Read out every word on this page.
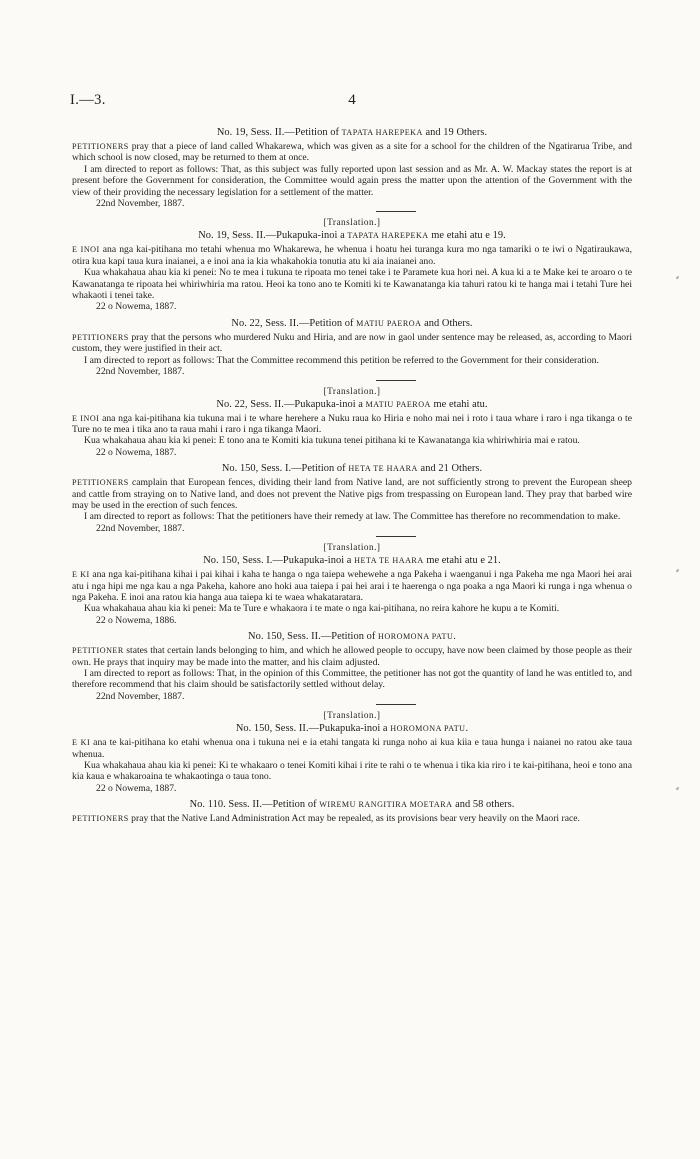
I.—3.	4
No. 19, Sess. II.—Petition of TAPATA HAREPEKA and 19 Others.

PETITIONERS pray that a piece of land called Whakarewa, which was given as a site for a school for the children of the Ngatirarua Tribe, and which school is now closed, may be returned to them at once.

I am directed to report as follows: That, as this subject was fully reported upon last session and as Mr. A. W. Mackay states the report is at present before the Government for consideration, the Committee would again press the matter upon the attention of the Government with the view of their providing the necessary legislation for a settlement of the matter.

22nd November, 1887.
[Translation.]
No. 19, Sess. II.—Pukapuka-inoi a TAPATA HAREPEKA me etahi atu e 19.

E INOI ana nga kai-pitihana mo tetahi whenua mo Whakarewa, he whenua i hoatu hei turanga kura mo nga tamariki o te iwi o Ngatiraukawa, otira kua kapi taua kura inaianei, a e inoi ana ia kia whakahokia tonutia atu ki aia inaianei ano.

Kua whakahaua ahau kia ki penei: No te mea i tukuna te ripoata mo tenei take i te Paramete kua hori nei. A kua ki a te Make kei te aroaro o te Kawanatanga te ripoata hei whiriwhiria ma ratou. Heoi ka tono ano te Komiti ki te Kawanatanga kia tahuri ratou ki te hanga mai i tetahi Ture hei whakaoti i tenei take.

22 o Nowema, 1887.
No. 22, Sess. II.—Petition of MATIU PAEROA and Others.

PETITIONERS pray that the persons who murdered Nuku and Hiria, and are now in gaol under sentence may be released, as, according to Maori custom, they were justified in their act.

I am directed to report as follows: That the Committee recommend this petition be referred to the Government for their consideration.

22nd November, 1887.
[Translation.]
No. 22, Sess. II.—Pukapuka-inoi a MATIU PAEROA me etahi atu.

E INOI ana nga kai-pitihana kia tukuna mai i te whare herehere a Nuku raua ko Hiria e noho mai nei i roto i taua whare i raro i nga tikanga o te Ture no te mea i tika ano ta raua mahi i raro i nga tikanga Maori.

Kua whakahaua ahau kia ki penei: E tono ana te Komiti kia tukuna tenei pitihana ki te Kawanatanga kia whiriwhiria mai e ratou.

22 o Nowema, 1887.
No. 150, Sess. I.—Petition of HETA TE HAARA and 21 Others.

PETITIONERS camplain that European fences, dividing their land from Native land, are not sufficiently strong to prevent the European sheep and cattle from straying on to Native land, and does not prevent the Native pigs from trespassing on European land. They pray that barbed wire may be used in the erection of such fences.

I am directed to report as follows: That the petitioners have their remedy at law. The Committee has therefore no recommendation to make.

22nd November, 1887.
[Translation.]
No. 150, Sess. I.—Pukapuka-inoi a HETA TE HAARA me etahi atu e 21.

E KI ana nga kai-pitihana kihai i pai kihai i kaha te hanga o nga taiepa wehewehe a nga Pakeha i waenganui i nga Pakeha me nga Maori hei arai atu i nga hipi me nga kau a nga Pakeha, kahore ano hoki aua taiepa i pai hei arai i te haerenga o nga poaka a nga Maori ki runga i nga whenua o nga Pakeha. E inoi ana ratou kia hanga aua taiepa ki te waea whakataratara.

Kua whakahaua ahau kia ki penei: Ma te Ture e whakaora i te mate o nga kai-pitihana, no reira kahore he kupu a te Komiti.

22 o Nowema, 1886.
No. 150, Sess. II.—Petition of HOROMONA PATU.

PETITIONER states that certain lands belonging to him, and which he allowed people to occupy, have now been claimed by those people as their own. He prays that inquiry may be made into the matter, and his claim adjusted.

I am directed to report as follows: That, in the opinion of this Committee, the petitioner has not got the quantity of land he was entitled to, and therefore recommend that his claim should be satisfactorily settled without delay.

22nd November, 1887.
[Translation.]
No. 150, Sess. II.—Pukapuka-inoi a HOROMONA PATU.

E KI ana te kai-pitihana ko etahi whenua ona i tukuna nei e ia etahi tangata ki runga noho ai kua kiia e taua hunga i naianei no ratou ake taua whenua.

Kua whakahaua ahau kia ki penei: Ki te whakaaro o tenei Komiti kihai i rite te rahi o te whenua i tika kia riro i te kai-pitihana, heoi e tono ana kia kaua e whakaroaina te whakaotinga o taua tono.

22 o Nowema, 1887.
No. 110. Sess. II.—Petition of WIREMU RANGITIRA MOETARA and 58 others.

PETITIONERS pray that the Native Land Administration Act may be repealed, as its provisions bear very heavily on the Maori race.

⸗
⸗
⸗
